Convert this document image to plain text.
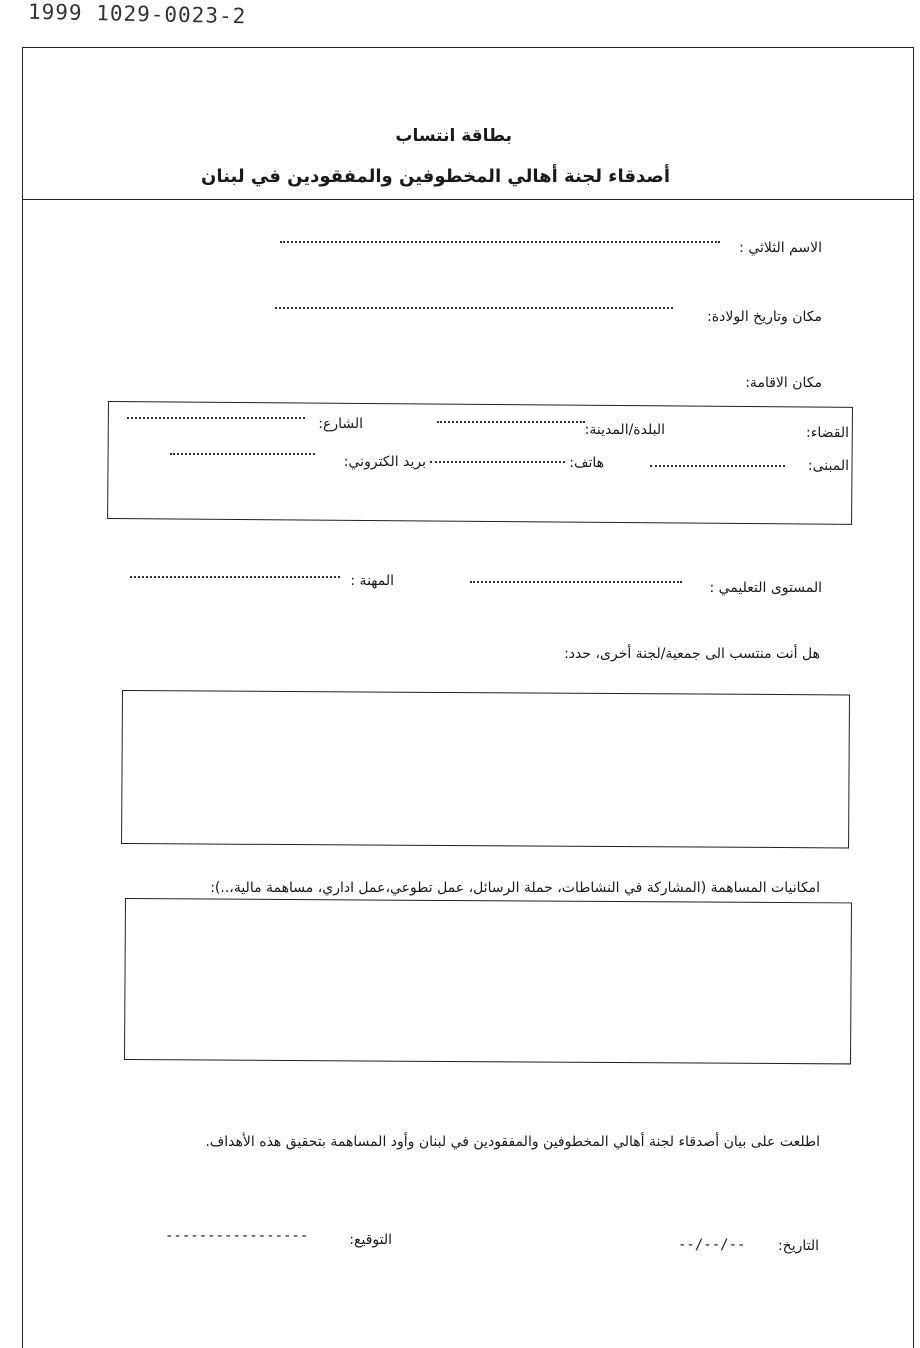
1999 1029-0023-2
بطاقة انتساب
أصدقاء لجنة أهالي المخطوفين والمفقودين في لبنان
الاسم الثلاثي :
مكان وتاريخ الولادة:
مكان الاقامة:
القضاء:
البلدة/المدينة:
الشارع:
المبنى:
هاتف:
بريد الكتروني:
المستوى التعليمي :
المهنة :
هل أنت منتسب الى جمعية/لجنة أخرى، حدد:
امكانيات المساهمة (المشاركة في النشاطات، حملة الرسائل، عمل تطوعي،عمل اداري، مساهمة مالية،..):
اطلعت على بيان أصدقاء لجنة أهالي المخطوفين والمفقودين في لبنان وأود المساهمة بتحقيق هذه الأهداف.
التوقيع:
-----------------
التاريخ:
--/--/--
